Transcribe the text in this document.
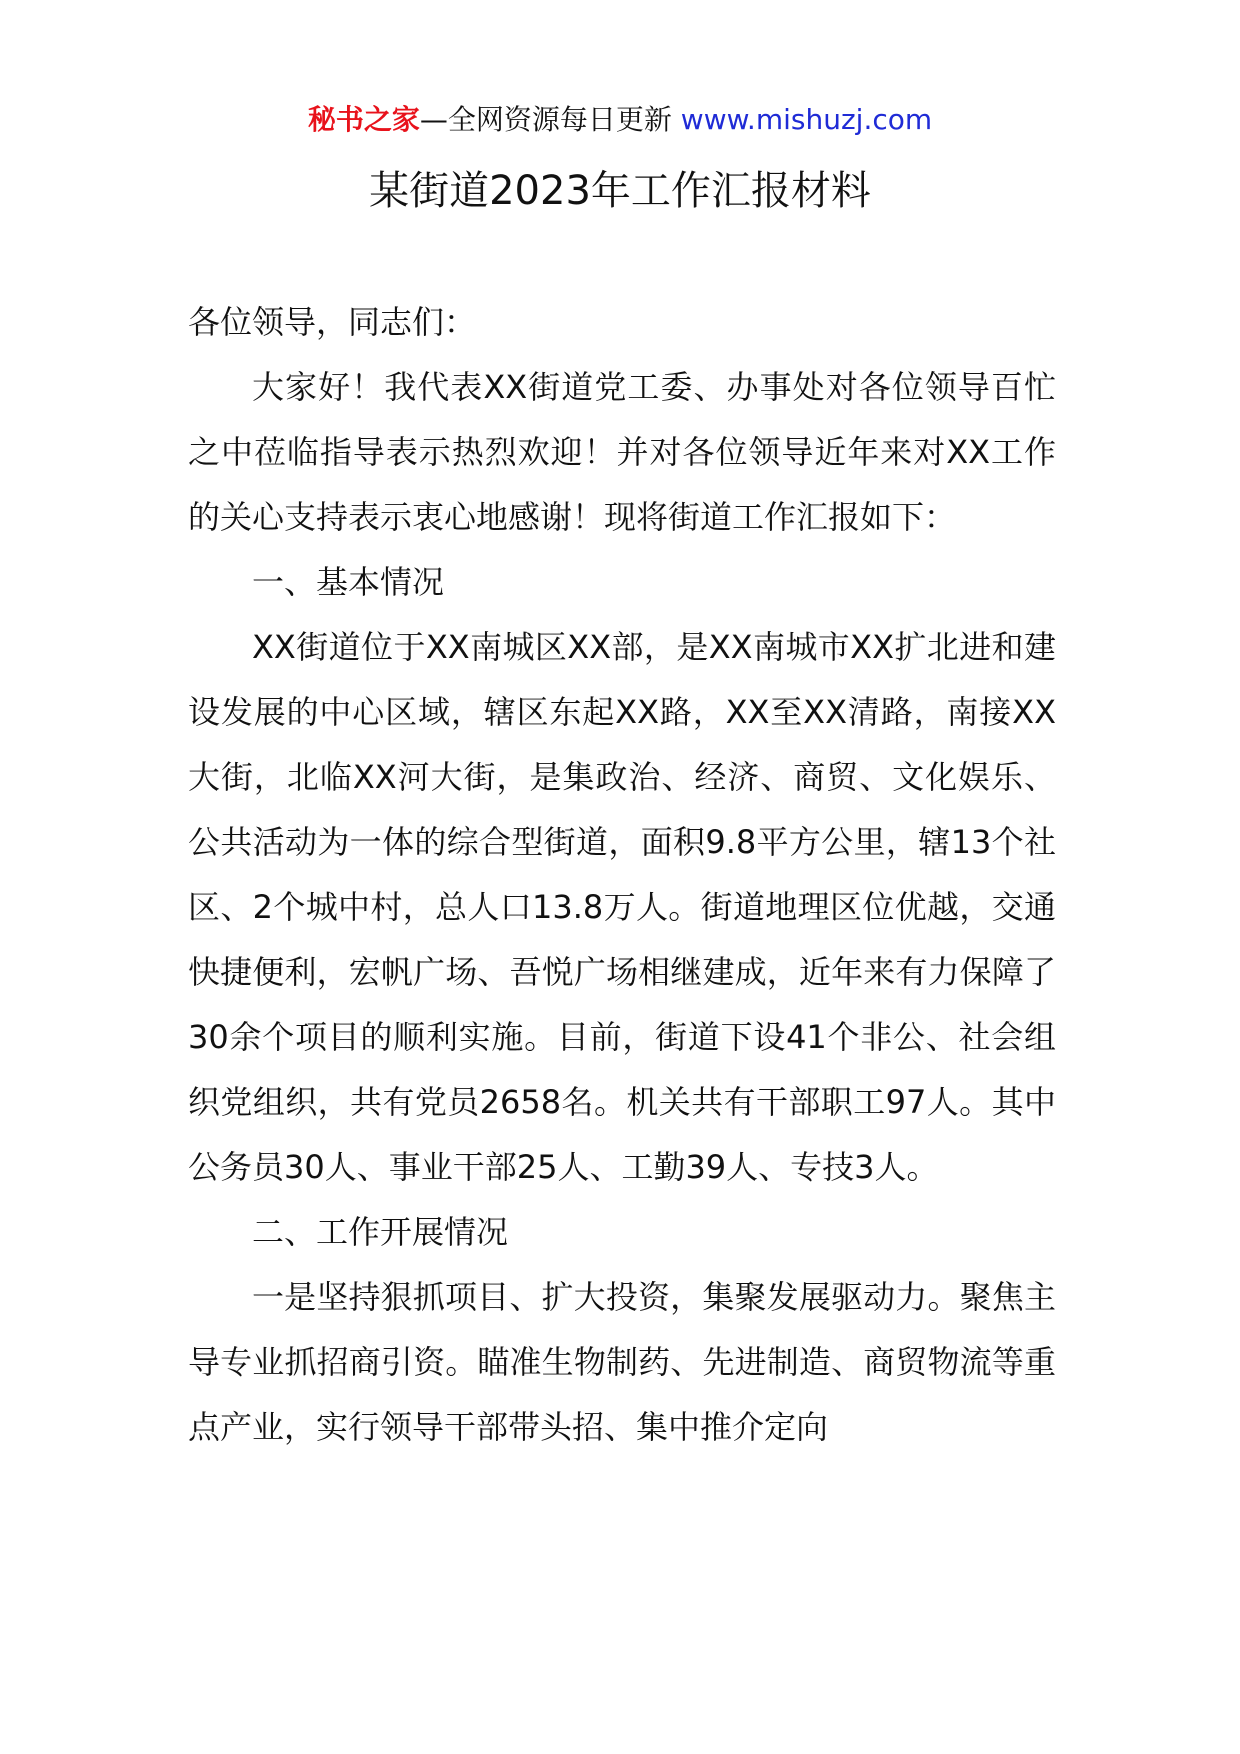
秘书之家—全网资源每日更新 www.mishuzj.com
某街道2023年工作汇报材料

各位领导，同志们：

大家好！我代表XX街道党工委、办事处对各位领导百忙之中莅临指导表示热烈欢迎！并对各位领导近年来对XX工作的关心支持表示衷心地感谢！现将街道工作汇报如下：

一、基本情况

XX街道位于XX南城区XX部，是XX南城市XX扩北进和建设发展的中心区域，辖区东起XX路，XX至XX清路，南接XX大街，北临XX河大街，是集政治、经济、商贸、文化娱乐、公共活动为一体的综合型街道，面积9.8平方公里，辖13个社区、2个城中村，总人口13.8万人。街道地理区位优越，交通快捷便利，宏帆广场、吾悦广场相继建成，近年来有力保障了30余个项目的顺利实施。目前，街道下设41个非公、社会组织党组织，共有党员2658名。机关共有干部职工97人。其中公务员30人、事业干部25人、工勤39人、专技3人。

二、工作开展情况

一是坚持狠抓项目、扩大投资，集聚发展驱动力。聚焦主导专业抓招商引资。瞄准生物制药、先进制造、商贸物流等重点产业，实行领导干部带头招、集中推介定向
